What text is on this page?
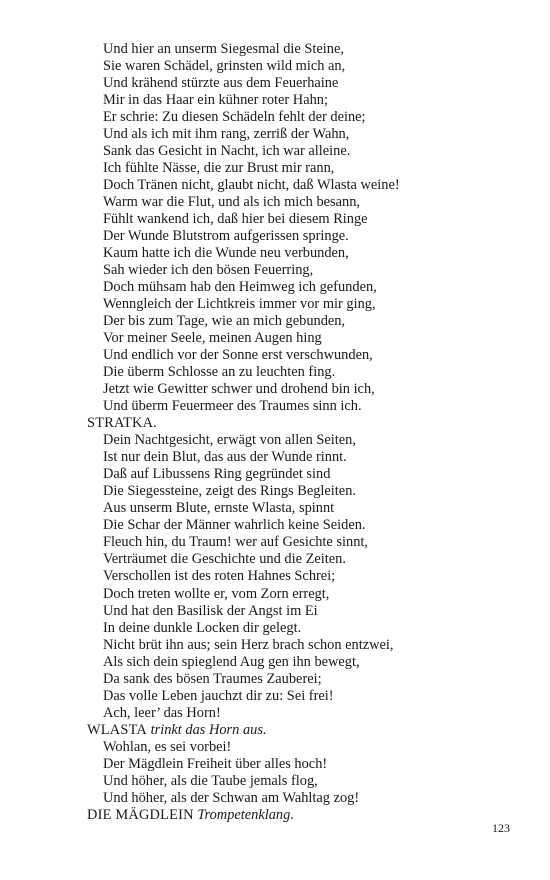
Und hier an unserm Siegesmal die Steine,
Sie waren Schädel, grinsten wild mich an,
Und krähend stürzte aus dem Feuerhaine
Mir in das Haar ein kühner roter Hahn;
Er schrie: Zu diesen Schädeln fehlt der deine;
Und als ich mit ihm rang, zerriß der Wahn,
Sank das Gesicht in Nacht, ich war alleine.
Ich fühlte Nässe, die zur Brust mir rann,
Doch Tränen nicht, glaubt nicht, daß Wlasta weine!
Warm war die Flut, und als ich mich besann,
Fühlt wankend ich, daß hier bei diesem Ringe
Der Wunde Blutstrom aufgerissen springe.
Kaum hatte ich die Wunde neu verbunden,
Sah wieder ich den bösen Feuerring,
Doch mühsam hab den Heimweg ich gefunden,
Wenngleich der Lichtkreis immer vor mir ging,
Der bis zum Tage, wie an mich gebunden,
Vor meiner Seele, meinen Augen hing
Und endlich vor der Sonne erst verschwunden,
Die überm Schlosse an zu leuchten fing.
Jetzt wie Gewitter schwer und drohend bin ich,
Und überm Feuermeer des Traumes sinn ich.
STRATKA.
Dein Nachtgesicht, erwägt von allen Seiten,
Ist nur dein Blut, das aus der Wunde rinnt.
Daß auf Libussens Ring gegründet sind
Die Siegessteine, zeigt des Rings Begleiten.
Aus unserm Blute, ernste Wlasta, spinnt
Die Schar der Männer wahrlich keine Seiden.
Fleuch hin, du Traum! wer auf Gesichte sinnt,
Verträumet die Geschichte und die Zeiten.
Verschollen ist des roten Hahnes Schrei;
Doch treten wollte er, vom Zorn erregt,
Und hat den Basilisk der Angst im Ei
In deine dunkle Locken dir gelegt.
Nicht brüt ihn aus; sein Herz brach schon entzwei,
Als sich dein spieglend Aug gen ihn bewegt,
Da sank des bösen Traumes Zauberei;
Das volle Leben jauchzt dir zu: Sei frei!
Ach, leer’ das Horn!
WLASTA trinkt das Horn aus.
Wohlan, es sei vorbei!
Der Mägdlein Freiheit über alles hoch!
Und höher, als die Taube jemals flog,
Und höher, als der Schwan am Wahltag zog!
DIE MÄGDLEIN Trompetenklang.
123
